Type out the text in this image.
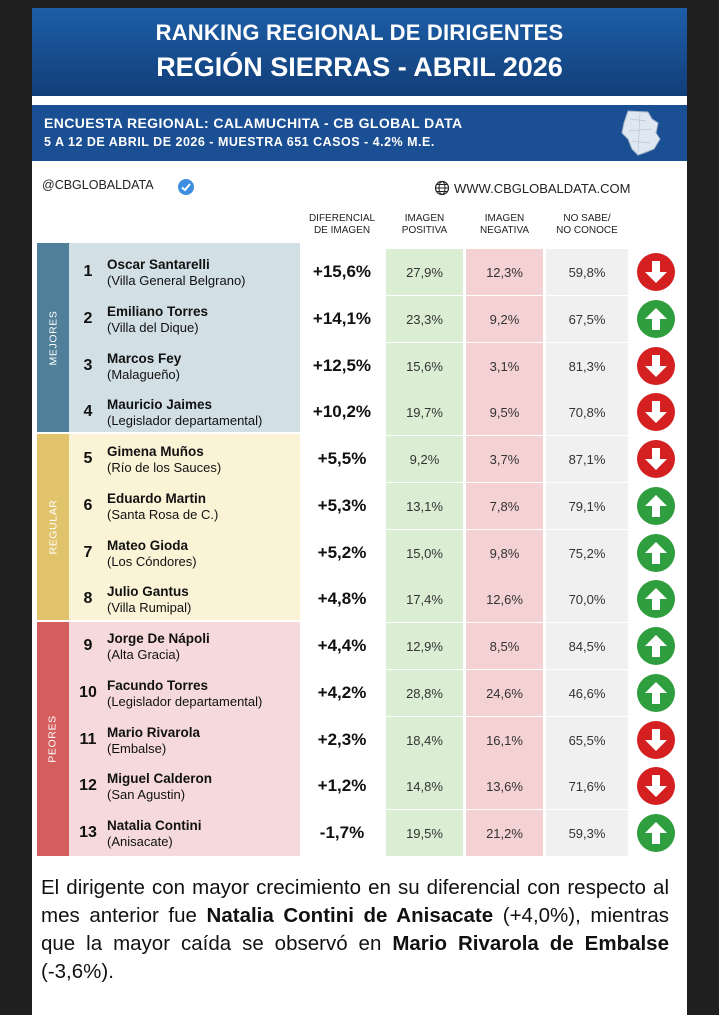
RANKING REGIONAL DE DIRIGENTES
REGIÓN SIERRAS - ABRIL 2026
ENCUESTA REGIONAL: CALAMUCHITA - CB GLOBAL DATA
5 A 12 DE ABRIL DE 2026 - MUESTRA 651 CASOS - 4.2% M.E.
@CBGLOBALDATA	WWW.CBGLOBALDATA.COM
DIFERENCIAL
DE IMAGEN
IMAGEN
POSITIVA
IMAGEN
NEGATIVA
NO SABE/
NO CONOCE
MEJORES
REGULAR
PEORES
1	Oscar Santarelli
(Villa General Belgrano)	+15,6%	27,9%	12,3%	59,8%
2	Emiliano Torres
(Villa del Dique)	+14,1%	23,3%	9,2%	67,5%
3	Marcos Fey
(Malagueño)	+12,5%	15,6%	3,1%	81,3%
4	Mauricio Jaimes
(Legislador departamental)	+10,2%	19,7%	9,5%	70,8%
5	Gimena Muños
(Río de los Sauces)	+5,5%	9,2%	3,7%	87,1%
6	Eduardo Martin
(Santa Rosa de C.)	+5,3%	13,1%	7,8%	79,1%
7	Mateo Gioda
(Los Cóndores)	+5,2%	15,0%	9,8%	75,2%
8	Julio Gantus
(Villa Rumipal)	+4,8%	17,4%	12,6%	70,0%
9	Jorge De Nápoli
(Alta Gracia)	+4,4%	12,9%	8,5%	84,5%
10 Facundo Torres
(Legislador departamental)	+4,2%	28,8%	24,6%	46,6%
11 Mario Rivarola
(Embalse)	+2,3%	18,4%	16,1%	65,5%
12 Miguel Calderon
(San Agustin)	+1,2%	14,8%	13,6%	71,6%
13 Natalia Contini
(Anisacate)	-1,7%	19,5%	21,2%	59,3%
El dirigente con mayor crecimiento en su diferencial con respecto al mes anterior fue Natalia Contini de Anisacate (+4,0%), mientras que la mayor caída se observó en Mario Rivarola de Embalse (-3,6%).
